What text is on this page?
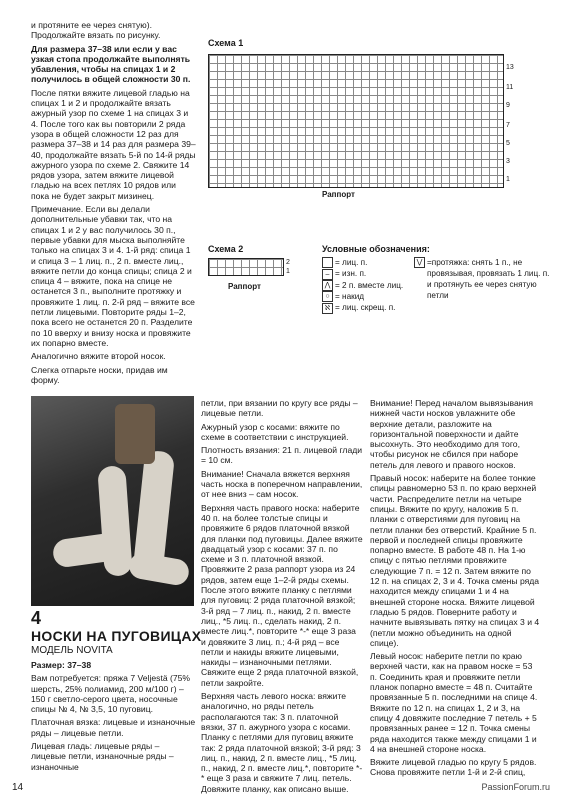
и протяните ее через снятую). Продолжайте вязать по рисунку.

Для размера 37–38 или если у вас узкая стопа продолжайте выполнять убавления, чтобы на спицах 1 и 2 получилось в общей сложности 30 п.

После пятки вяжите лицевой гладью на спицах 1 и 2 и продолжайте вязать ажурный узор по схеме 1 на спицах 3 и 4. После того как вы повторили 2 ряда узора в общей сложности 12 раз для размера 37–38 и 14 раз для размера 39–40, продолжайте вязать 5-й по 14-й ряды ажурного узора по схеме 2. Свяжите 14 рядов узора, затем вяжите лицевой гладью на всех петлях 10 рядов или пока не будет закрыт мизинец.

Примечание. Если вы делали дополнительные убавки так, что на спицах 1 и 2 у вас получилось 30 п., первые убавки для мыска выполняйте только на спицах 3 и 4. 1-й ряд: спица 1 и спица 3 – 1 лиц. п., 2 п. вместе лиц., вяжите петли до конца спицы; спица 2 и спица 4 – вяжите, пока на спице не останется 3 п., выполните протяжку и провяжите 1 лиц. п. 2-й ряд – вяжите все петли лицевыми. Повторите ряды 1–2, пока всего не останется 20 п. Разделите по 10 вверху и внизу носка и провяжите их попарно вместе.

Аналогично вяжите второй носок.

Слегка отпарьте носки, придав им форму.

Схема 1
13
11
9
7
5
3
1
Раппорт
Схема 2
2
1
Раппорт
Условные обозначения:
= лиц. п.
– = изн. п.
⋀ = 2 п. вместе лиц.
○ = накид
ℵ = лиц. скрещ. п.
⋁ =протяжка: снять 1 п., не провязывая, провязать 1 лиц. п. и протянуть ее через снятую петли
4
НОСКИ НА ПУГОВИЦАХ
МОДЕЛЬ NOVITA

Размер: 37–38

Вам потребуется: пряжа 7 Veljestä (75% шерсть, 25% полиамид, 200 м/100 г) – 150 г светло-серого цвета, носочные спицы № 4, № 3,5, 10 пуговиц.

Платочная вязка: лицевые и изнаночные ряды – лицевые петли.

Лицевая гладь: лицевые ряды – лицевые петли, изнаночные ряды – изнаночные

петли, при вязании по кругу все ряды – лицевые петли.

Ажурный узор с косами: вяжите по схеме в соответствии с инструкцией.

Плотность вязания: 21 п. лицевой глади = 10 см.

Внимание! Сначала вяжется верхняя часть носка в поперечном направлении, от нее вниз – сам носок.

Верхняя часть правого носка: наберите 40 п. на более толстые спицы и провяжите 6 рядов платочной вязкой для планки под пуговицы. Далее вяжите двадцатый узор с косами: 37 п. по схеме и 3 п. платочной вязкой. Провяжите 2 раза раппорт узора из 24 рядов, затем еще 1–2-й ряды схемы. После этого вяжите планку с петлями для пуговиц: 2 ряда платочной вязкой; 3-й ряд – 7 лиц. п., накид, 2 п. вместе лиц., *5 лиц. п., сделать накид, 2 п. вместе лиц.*, повторите *-* еще 3 раза и довяжите 3 лиц. п.; 4-й ряд – все петли и накиды вяжите лицевыми, накиды – изнаночными петлями. Свяжите еще 2 ряда платочной вязкой, петли закройте.

Верхняя часть левого носка: вяжите аналогично, но ряды петель располагаются так: 3 п. платочной вязки, 37 п. ажурного узора с косами. Планку с петлями для пуговиц вяжите так: 2 ряда платочной вязкой; 3-й ряд: 3 лиц. п., накид, 2 п. вместе лиц., *5 лиц. п., накид, 2 п. вместе лиц.*, повторите *-* еще 3 раза и свяжите 7 лиц. петель. Довяжите планку, как описано выше.

Внимание! Перед началом вывязывания нижней части носков увлажните обе верхние детали, разложите на горизонтальной поверхности и дайте высохнуть. Это необходимо для того, чтобы рисунок не сбился при наборе петель для левого и правого носков.

Правый носок: наберите на более тонкие спицы равномерно 53 п. по краю верхней части. Распределите петли на четыре спицы. Вяжите по кругу, наложив 5 п. планки с отверстиями для пуговиц на петли планки без отверстий. Крайние 5 п. первой и последней спицы провяжите попарно вместе. В работе 48 п. На 1-ю спицу с пятью петлями провяжите следующие 7 п. = 12 п. Затем вяжите по 12 п. на спицах 2, 3 и 4. Точка смены ряда находится между спицами 1 и 4 на внешней стороне носка. Вяжите лицевой гладью 5 рядов. Поверните работу и начните вывязывать пятку на спицах 3 и 4 (петли можно объединить на одной спице).

Левый носок: наберите петли по краю верхней части, как на правом носке = 53 п. Соединить края и провяжите петли планок попарно вместе = 48 п. Считайте провязанные 5 п. последними на спице 4. Вяжите по 12 п. на спицах 1, 2 и 3, на спицу 4 довяжите последние 7 петель + 5 провязанных ранее = 12 п. Точка смены ряда находится также между спицами 1 и 4 на внешней стороне носка.

Вяжите лицевой гладью по кругу 5 рядов. Снова провяжите петли 1-й и 2-й спиц,

14	PassionForum.ru
